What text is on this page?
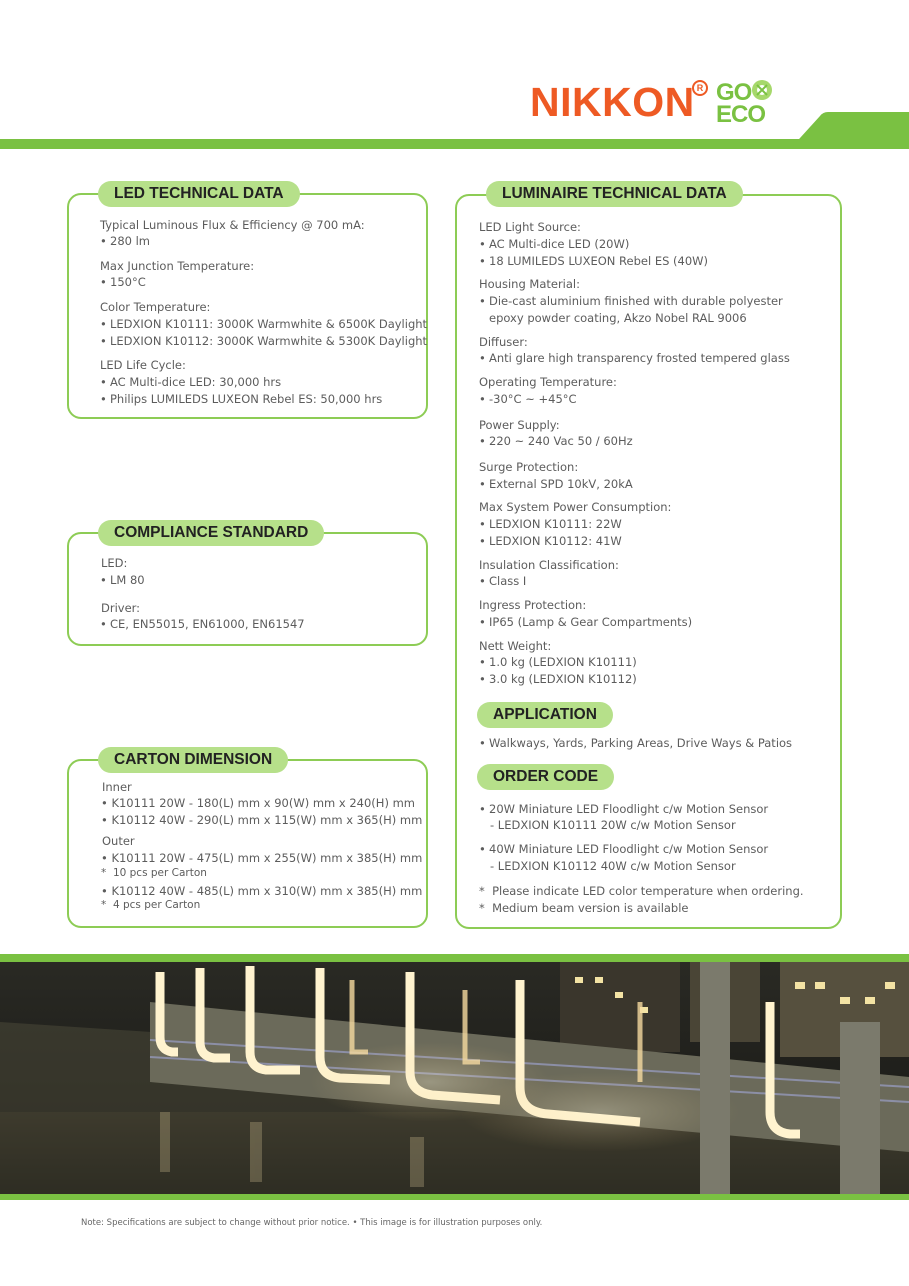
NIKKON R GO
ECO
LED TECHNICAL DATA
Typical Luminous Flux & Efficiency @ 700 mA:
• 280 lm
Max Junction Temperature:
• 150°C
Color Temperature:
• LEDXION K10111: 3000K Warmwhite & 6500K Daylight
• LEDXION K10112: 3000K Warmwhite & 5300K Daylight
LED Life Cycle:
• AC Multi-dice LED: 30,000 hrs
• Philips LUMILEDS LUXEON Rebel ES: 50,000 hrs
COMPLIANCE STANDARD
LED:
• LM 80
Driver:
• CE, EN55015, EN61000, EN61547
CARTON DIMENSION
Inner
• K10111 20W - 180(L) mm x 90(W) mm x 240(H) mm
• K10112 40W - 290(L) mm x 115(W) mm x 365(H) mm
Outer
• K10111 20W - 475(L) mm x 255(W) mm x 385(H) mm
* 10 pcs per Carton
• K10112 40W - 485(L) mm x 310(W) mm x 385(H) mm
* 4 pcs per Carton
LUMINAIRE TECHNICAL DATA
LED Light Source:
• AC Multi-dice LED (20W)
• 18 LUMILEDS LUXEON Rebel ES (40W)
Housing Material:
• Die-cast aluminium finished with durable polyester
epoxy powder coating, Akzo Nobel RAL 9006
Diffuser:
• Anti glare high transparency frosted tempered glass
Operating Temperature:
• -30°C ~ +45°C
Power Supply:
• 220 ~ 240 Vac 50 / 60Hz
Surge Protection:
• External SPD 10kV, 20kA
Max System Power Consumption:
• LEDXION K10111: 22W
• LEDXION K10112: 41W
Insulation Classification:
• Class I
Ingress Protection:
• IP65 (Lamp & Gear Compartments)
Nett Weight:
• 1.0 kg (LEDXION K10111)
• 3.0 kg (LEDXION K10112)
APPLICATION
• Walkways, Yards, Parking Areas, Drive Ways & Patios
ORDER CODE
• 20W Miniature LED Floodlight c/w Motion Sensor
- LEDXION K10111 20W c/w Motion Sensor
• 40W Miniature LED Floodlight c/w Motion Sensor
- LEDXION K10112 40W c/w Motion Sensor
*  Please indicate LED color temperature when ordering.
*  Medium beam version is available
Note: Specifications are subject to change without prior notice. • This image is for illustration purposes only.
